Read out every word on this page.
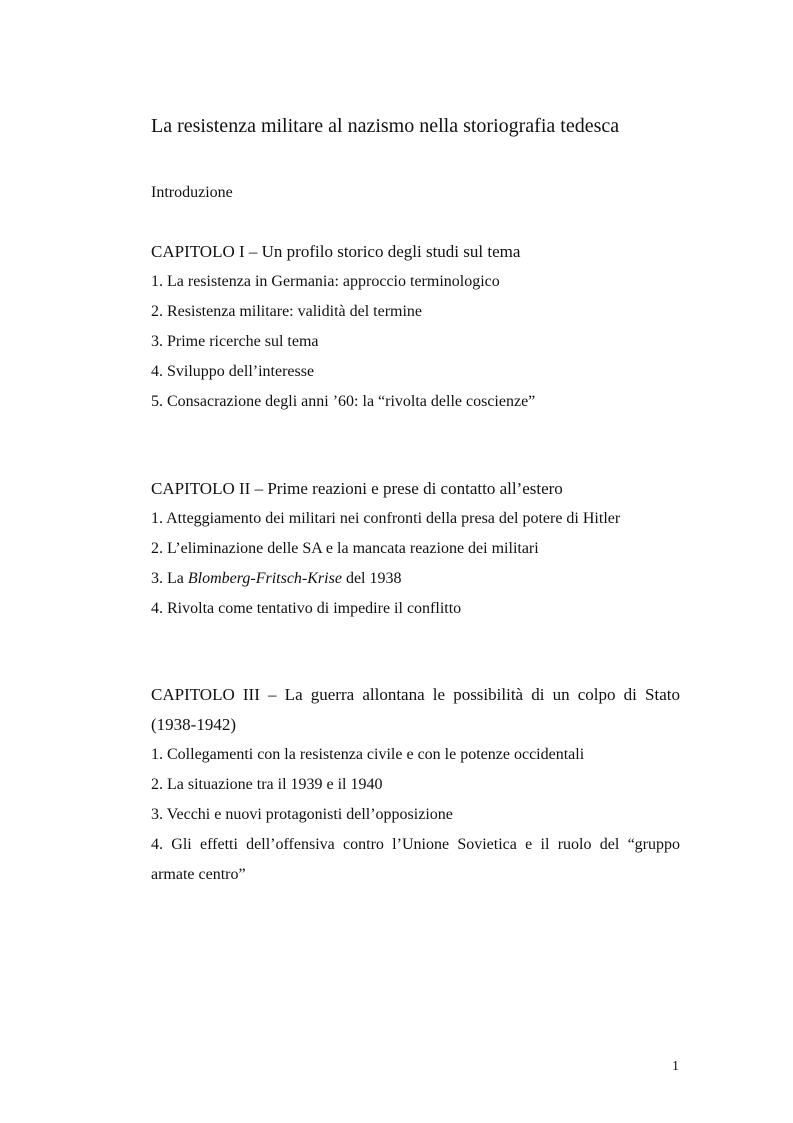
La resistenza militare al nazismo nella storiografia tedesca
Introduzione
CAPITOLO I – Un profilo storico degli studi sul tema
1. La resistenza in Germania: approccio terminologico
2. Resistenza militare: validità del termine
3. Prime ricerche sul tema
4. Sviluppo dell’interesse
5. Consacrazione degli anni ’60: la “rivolta delle coscienze”
CAPITOLO II – Prime reazioni e prese di contatto all’estero
1. Atteggiamento dei militari nei confronti della presa del potere di Hitler
2. L’eliminazione delle SA e la mancata reazione dei militari
3. La Blomberg-Fritsch-Krise del 1938
4. Rivolta come tentativo di impedire il conflitto
CAPITOLO III – La guerra allontana le possibilità di un colpo di Stato (1938-1942)
1. Collegamenti con la resistenza civile e con le potenze occidentali
2. La situazione tra il 1939 e il 1940
3. Vecchi e nuovi protagonisti dell’opposizione
4. Gli effetti dell’offensiva contro l’Unione Sovietica e il ruolo del “gruppo armate centro”
1
